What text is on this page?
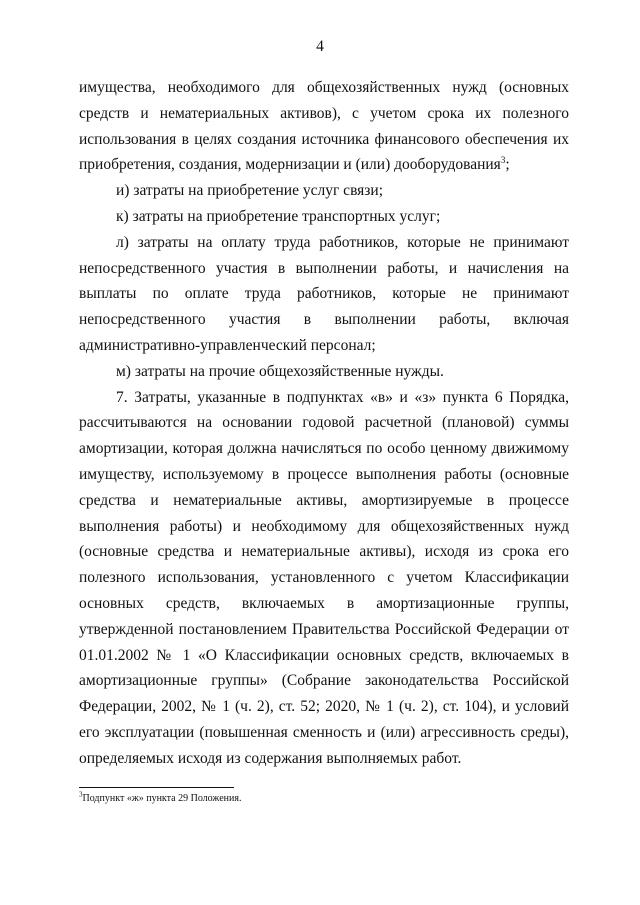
4

имущества, необходимого для общехозяйственных нужд (основных средств и нематериальных активов), с учетом срока их полезного использования в целях создания источника финансового обеспечения их приобретения, создания, модернизации и (или) дооборудования$^3$;

и) затраты на приобретение услуг связи;

к) затраты на приобретение транспортных услуг;

л) затраты на оплату труда работников, которые не принимают непосредственного участия в выполнении работы, и начисления на выплаты по оплате труда работников, которые не принимают непосредственного участия в выполнении работы, включая административно-управленческий персонал;

м) затраты на прочие общехозяйственные нужды.

7. Затраты, указанные в подпунктах «в» и «з» пункта 6 Порядка, рассчитываются на основании годовой расчетной (плановой) суммы амортизации, которая должна начисляться по особо ценному движимому имуществу, используемому в процессе выполнения работы (основные средства и нематериальные активы, амортизируемые в процессе выполнения работы) и необходимому для общехозяйственных нужд (основные средства и нематериальные активы), исходя из срока его полезного использования, установленного с учетом Классификации основных средств, включаемых в амортизационные группы, утвержденной постановлением Правительства Российской Федерации от 01.01.2002 № 1 «О Классификации основных средств, включаемых в амортизационные группы» (Собрание законодательства Российской Федерации, 2002, № 1 (ч. 2), ст. 52; 2020, № 1 (ч. 2), ст. 104), и условий его эксплуатации (повышенная сменность и (или) агрессивность среды), определяемых исходя из содержания выполняемых работ.

$^3$Подпункт «ж» пункта 29 Положения.
